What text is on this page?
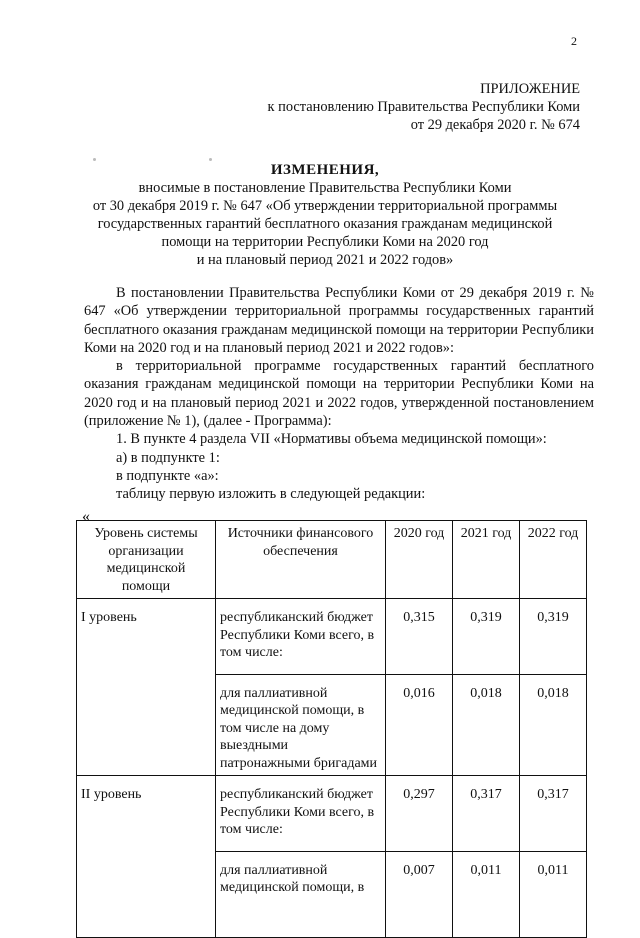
2
ПРИЛОЖЕНИЕ
к постановлению Правительства Республики Коми
от 29 декабря 2020 г. № 674
ИЗМЕНЕНИЯ,
вносимые в постановление Правительства Республики Коми
от 30 декабря 2019 г. № 647 «Об утверждении территориальной программы
государственных гарантий бесплатного оказания гражданам медицинской
помощи на территории Республики Коми на 2020 год
и на плановый период 2021 и 2022 годов»

В постановлении Правительства Республики Коми от 29 декабря 2019 г. № 647 «Об утверждении территориальной программы государственных гарантий бесплатного оказания гражданам медицинской помощи на территории Республики Коми на 2020 год и на плановый период 2021 и 2022 годов»:

в территориальной программе государственных гарантий бесплатного оказания гражданам медицинской помощи на территории Республики Коми на 2020 год и на плановый период 2021 и 2022 годов, утвержденной постановлением (приложение № 1), (далее - Программа):

1. В пункте 4 раздела VII «Нормативы объема медицинской помощи»:

а) в подпункте 1:

в подпункте «а»:

таблицу первую изложить в следующей редакции:

«
Уровень системы организации медицинской помощи	Источники финансового обеспечения	2020 год	2021 год	2022 год
I уровень	республиканский бюджет Республики Коми всего, в том числе:	0,315	0,319	0,319
	для паллиативной медицинской помощи, в том числе на дому выездными патронажными бригадами	0,016	0,018	0,018
II уровень	республиканский бюджет Республики Коми всего, в том числе:	0,297	0,317	0,317
	для паллиативной медицинской помощи, в	0,007	0,011	0,011
